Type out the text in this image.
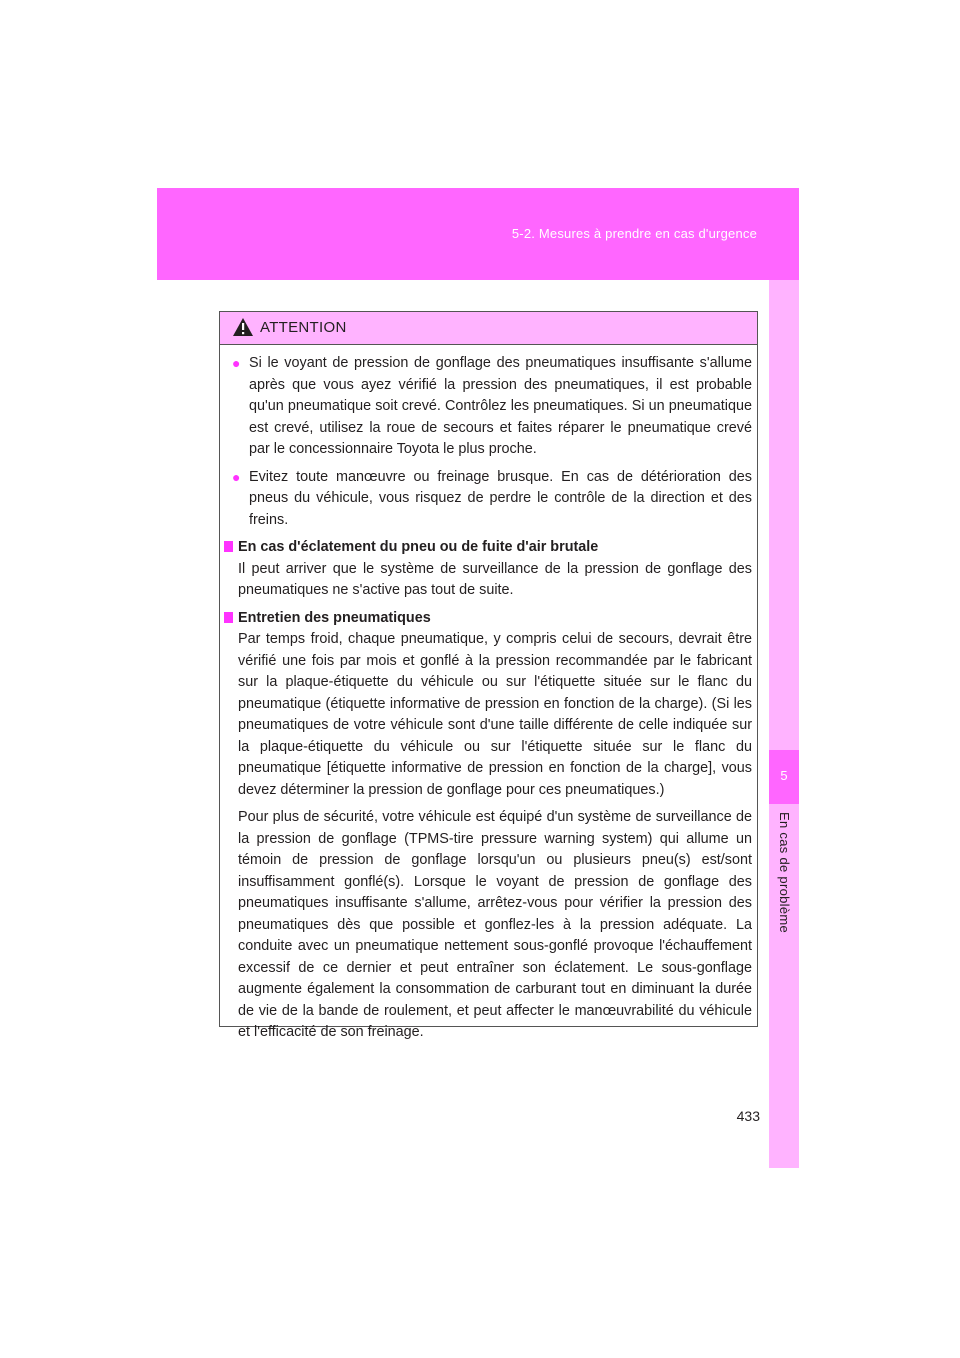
5-2. Mesures à prendre en cas d'urgence
5
En cas de problème
ATTENTION
● Si le voyant de pression de gonflage des pneumatiques insuffisante s'allume après que vous ayez vérifié la pression des pneumatiques, il est probable qu'un pneumatique soit crevé. Contrôlez les pneumatiques. Si un pneumatique est crevé, utilisez la roue de secours et faites réparer le pneumatique crevé par le concessionnaire Toyota le plus proche.
● Evitez toute manœuvre ou freinage brusque. En cas de détérioration des pneus du véhicule, vous risquez de perdre le contrôle de la direction et des freins.
En cas d'éclatement du pneu ou de fuite d'air brutale
Il peut arriver que le système de surveillance de la pression de gonflage des pneumatiques ne s'active pas tout de suite.
Entretien des pneumatiques
Par temps froid, chaque pneumatique, y compris celui de secours, devrait être vérifié une fois par mois et gonflé à la pression recommandée par le fabricant sur la plaque-étiquette du véhicule ou sur l'étiquette située sur le flanc du pneumatique (étiquette informative de pression en fonction de la charge). (Si les pneumatiques de votre véhicule sont d'une taille différente de celle indiquée sur la plaque-étiquette du véhicule ou sur l'étiquette située sur le flanc du pneumatique [étiquette informative de pression en fonction de la charge], vous devez déterminer la pression de gonflage pour ces pneumatiques.)
Pour plus de sécurité, votre véhicule est équipé d'un système de surveillance de la pression de gonflage (TPMS-tire pressure warning system) qui allume un témoin de pression de gonflage lorsqu'un ou plusieurs pneu(s) est/sont insuffisamment gonflé(s). Lorsque le voyant de pression de gonflage des pneumatiques insuffisante s'allume, arrêtez-vous pour vérifier la pression des pneumatiques dès que possible et gonflez-les à la pression adéquate. La conduite avec un pneumatique nettement sous-gonflé provoque l'échauffement excessif de ce dernier et peut entraîner son éclatement. Le sous-gonflage augmente également la consommation de carburant tout en diminuant la durée de vie de la bande de roulement, et peut affecter le manœuvrabilité du véhicule et l'efficacité de son freinage.
433
